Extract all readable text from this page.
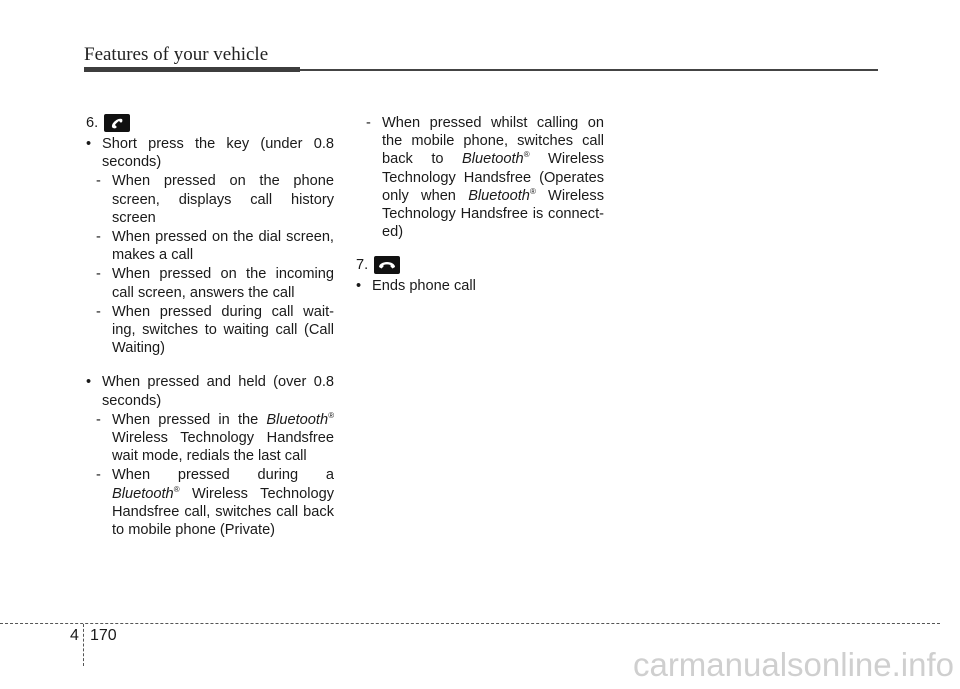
Features of your vehicle
6.
• Short press the key (under 0.8 seconds)
- When pressed on the phone screen, displays call history screen
- When pressed on the dial screen, makes a call
- When pressed on the incoming call screen, answers the call
- When pressed during call wait-ing, switches to waiting call (Call Waiting)
• When pressed and held (over 0.8 seconds)
- When pressed in the Bluetooth® Wireless Technology Handsfree wait mode, redials the last call
- When pressed during a Bluetooth® Wireless Technology Handsfree call, switches call back to mobile phone (Private)
- When pressed whilst calling on the mobile phone, switches call back to Bluetooth® Wireless Technology Handsfree (Operates only when Bluetooth® Wireless Technology Handsfree is connect-ed)
7.
• Ends phone call
4 170
carmanualsonline.info
